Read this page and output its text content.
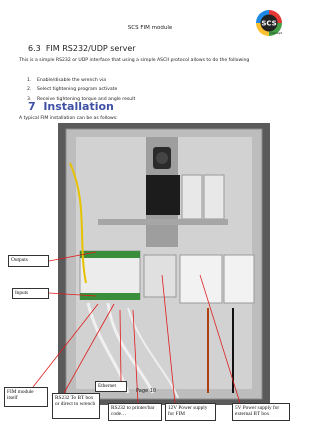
SCS FIM module
SCS
concept
6.3 FIM RS232/UDP server
This is a simple RS232 or UDP interface that using a simple ASCII protocol allows to do the following
1. Enable/disable the wrench via
2. Select tightening program activate
3. Receive tightening torque and angle result
7 Installation
A typical FIM installation can be as follows:
Outputs
Inputs
FIM module itself
Ethernet
RS232 To BT box or direct to wrench
RS232 to printer/bar code…
12V Power supply for FIM
5V Power supply for external BT box
Page 10
